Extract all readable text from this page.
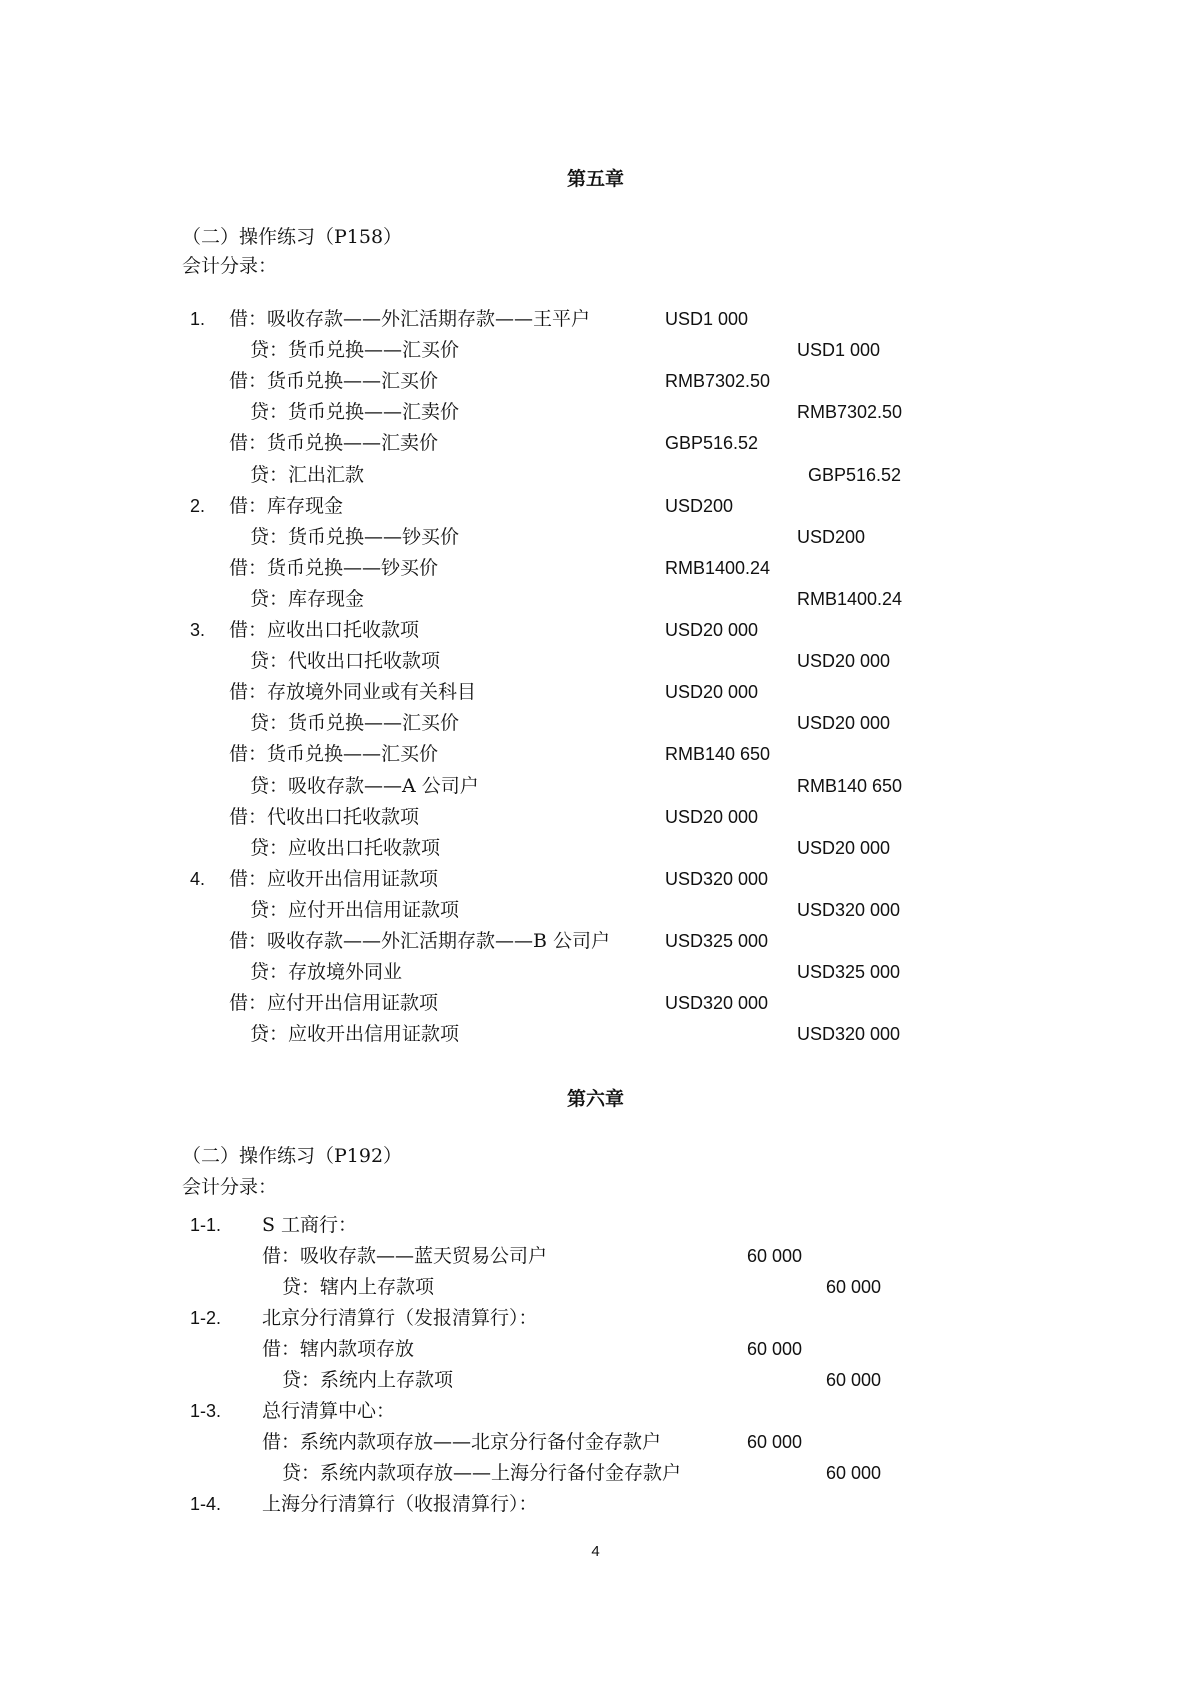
第五章
（二）操作练习（P158）
会计分录：
1. 借：吸收存款——外汇活期存款——王平户	USD1 000
贷：货币兑换——汇买价	USD1 000
借：货币兑换——汇买价	RMB7302.50
贷：货币兑换——汇卖价	RMB7302.50
借：货币兑换——汇卖价	GBP516.52
贷：汇出汇款	GBP516.52
2. 借：库存现金	USD200
贷：货币兑换——钞买价	USD200
借：货币兑换——钞买价	RMB1400.24
贷：库存现金	RMB1400.24
3. 借：应收出口托收款项	USD20 000
贷：代收出口托收款项	USD20 000
借：存放境外同业或有关科目	USD20 000
贷：货币兑换——汇买价	USD20 000
借：货币兑换——汇买价	RMB140 650
贷：吸收存款——A 公司户	RMB140 650
借：代收出口托收款项	USD20 000
贷：应收出口托收款项	USD20 000
4. 借：应收开出信用证款项	USD320 000
贷：应付开出信用证款项	USD320 000
借：吸收存款——外汇活期存款——B 公司户	USD325 000
贷：存放境外同业	USD325 000
借：应付开出信用证款项	USD320 000
贷：应收开出信用证款项	USD320 000
第六章
（二）操作练习（P192）
会计分录：
1-1. S 工商行：
借：吸收存款——蓝天贸易公司户	60 000
贷：辖内上存款项	60 000
1-2. 北京分行清算行（发报清算行）：
借：辖内款项存放	60 000
贷：系统内上存款项	60 000
1-3. 总行清算中心：
借：系统内款项存放——北京分行备付金存款户	60 000
贷：系统内款项存放——上海分行备付金存款户	60 000
1-4. 上海分行清算行（收报清算行）：
4
